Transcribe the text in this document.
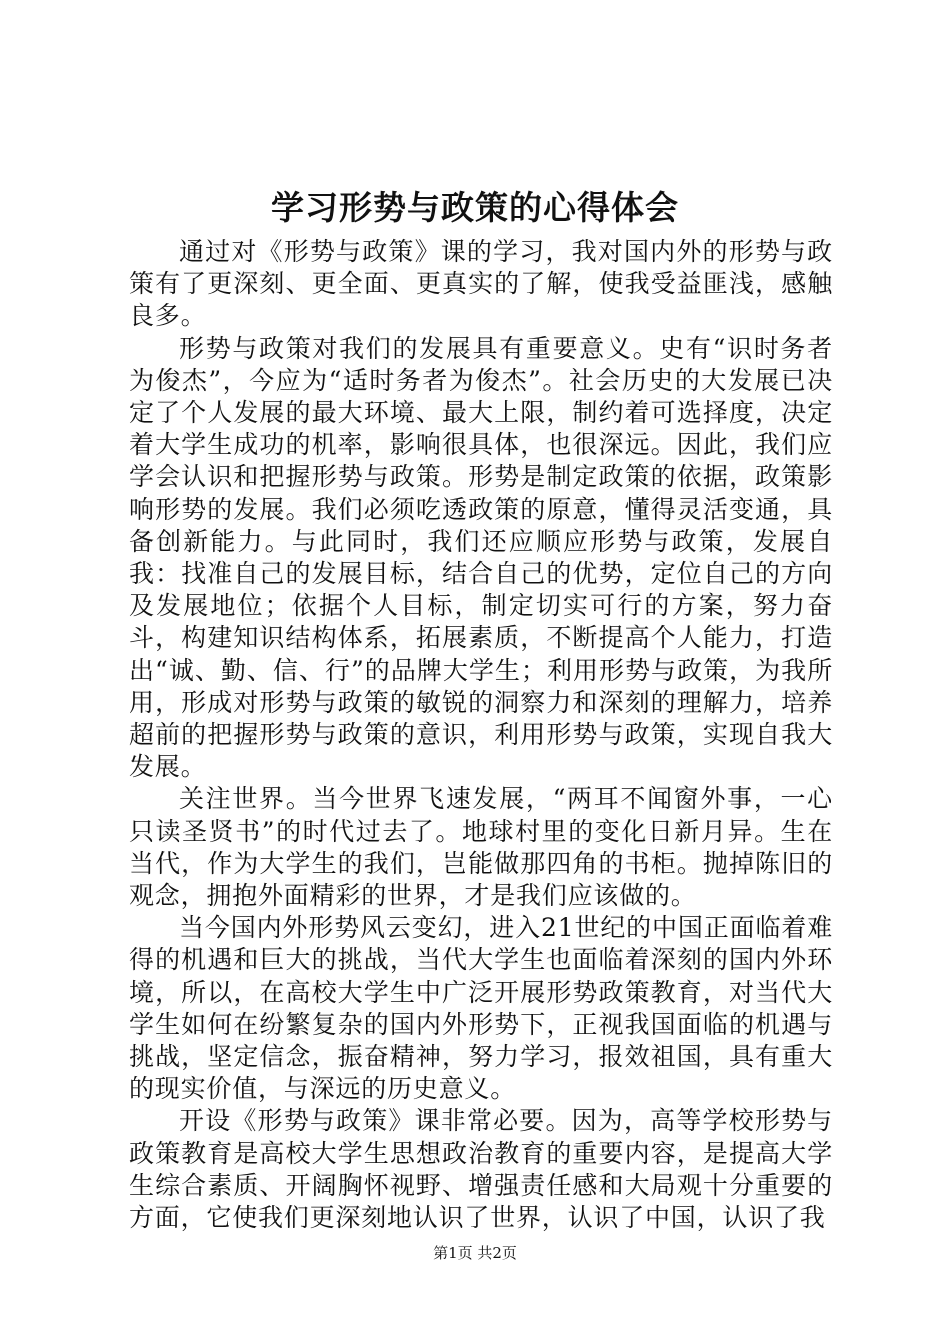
学习形势与政策的心得体会

通过对《形势与政策》课的学习，我对国内外的形势与政策有了更深刻、更全面、更真实的了解，使我受益匪浅，感触良多。

形势与政策对我们的发展具有重要意义。史有“识时务者为俊杰”，今应为“适时务者为俊杰”。社会历史的大发展已决定了个人发展的最大环境、最大上限，制约着可选择度，决定着大学生成功的机率，影响很具体，也很深远。因此，我们应学会认识和把握形势与政策。形势是制定政策的依据，政策影响形势的发展。我们必须吃透政策的原意，懂得灵活变通，具备创新能力。与此同时，我们还应顺应形势与政策，发展自我：找准自己的发展目标，结合自己的优势，定位自己的方向及发展地位；依据个人目标，制定切实可行的方案，努力奋斗，构建知识结构体系，拓展素质，不断提高个人能力，打造出“诚、勤、信、行”的品牌大学生；利用形势与政策，为我所用，形成对形势与政策的敏锐的洞察力和深刻的理解力，培养超前的把握形势与政策的意识，利用形势与政策，实现自我大发展。

关注世界。当今世界飞速发展，“两耳不闻窗外事，一心只读圣贤书”的时代过去了。地球村里的变化日新月异。生在当代，作为大学生的我们，岂能做那四角的书柜。抛掉陈旧的观念，拥抱外面精彩的世界，才是我们应该做的。

当今国内外形势风云变幻，进入21世纪的中国正面临着难得的机遇和巨大的挑战，当代大学生也面临着深刻的国内外环境，所以，在高校大学生中广泛开展形势政策教育，对当代大学生如何在纷繁复杂的国内外形势下，正视我国面临的机遇与挑战，坚定信念，振奋精神，努力学习，报效祖国，具有重大的现实价值，与深远的历史意义。

开设《形势与政策》课非常必要。因为，高等学校形势与政策教育是高校大学生思想政治教育的重要内容，是提高大学生综合素质、开阔胸怀视野、增强责任感和大局观十分重要的方面，它使我们更深刻地认识了世界，认识了中国，认识了我

第1页 共2页
